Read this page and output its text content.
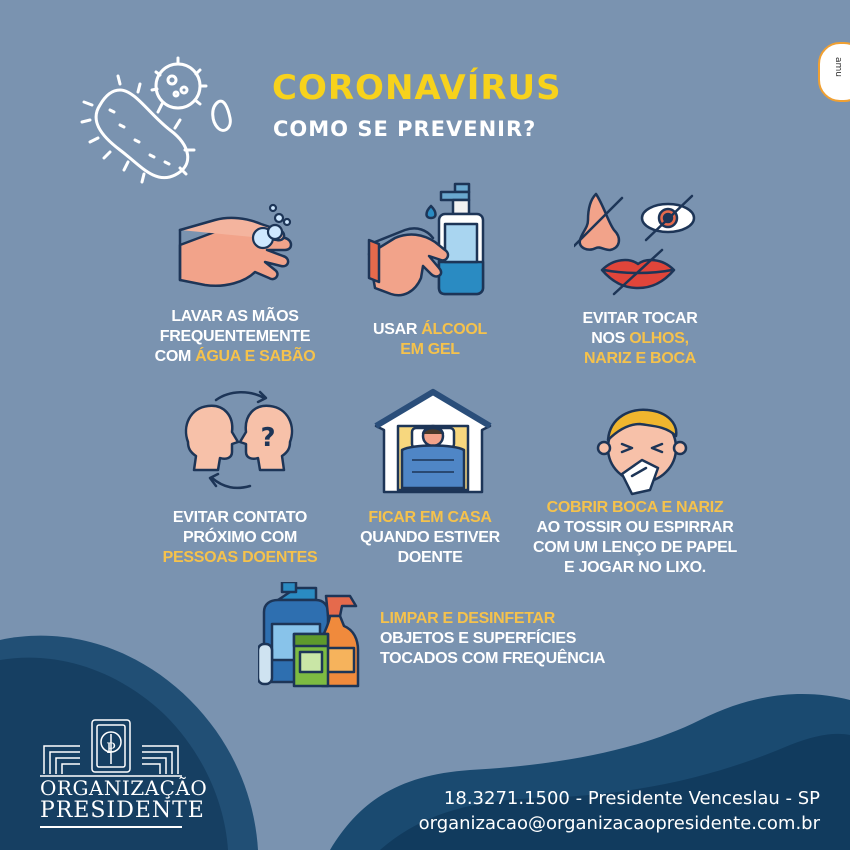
amu
CORONAVÍRUS
COMO SE PREVENIR?
?
LAVAR AS MÃOS
FREQUENTEMENTE
COM ÁGUA E SABÃO
USAR ÁLCOOL
EM GEL
EVITAR TOCAR
NOS OLHOS,
NARIZ E BOCA
EVITAR CONTATO
PRÓXIMO COM
PESSOAS DOENTES
FICAR EM CASA
QUANDO ESTIVER
DOENTE
COBRIR BOCA E NARIZ
AO TOSSIR OU ESPIRRAR
COM UM LENÇO DE PAPEL
E JOGAR NO LIXO.
LIMPAR E DESINFETAR
OBJETOS E SUPERFÍCIES
TOCADOS COM FREQUÊNCIA
P
ORGANIZAÇÃO
PRESIDENTE	18.3271.1500 - Presidente Venceslau - SP
organizacao@organizacaopresidente.com.br
